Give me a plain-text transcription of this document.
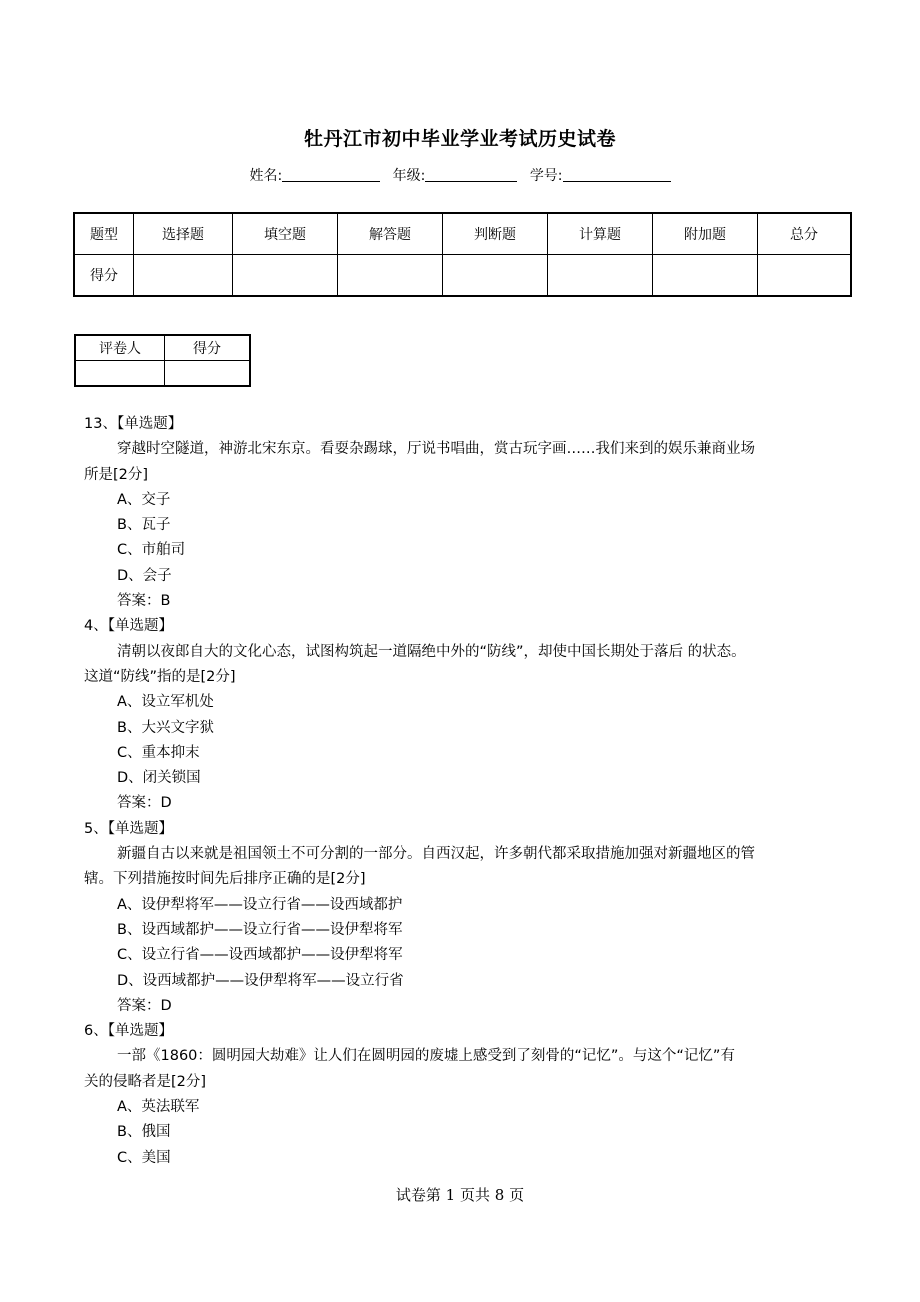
牡丹江市初中毕业学业考试历史试卷
姓名:	年级:	学号:
题型	选择题	填空题	解答题	判断题	计算题	附加题	总分
得分							
评卷人	得分

13、【单选题】
穿越时空隧道，神游北宋东京。看耍杂踢球，厅说书唱曲，赏古玩字画……我们来到的娱乐兼商业场
所是[2分]
A、交子
B、瓦子
C、市舶司
D、会子
答案：B
4、【单选题】
清朝以夜郎自大的文化心态，试图构筑起一道隔绝中外的“防线”，却使中国长期处于落后 的状态。
这道“防线”指的是[2分]
A、设立军机处
B、大兴文字狱
C、重本抑末
D、闭关锁国
答案：D
5、【单选题】
新疆自古以来就是祖国领土不可分割的一部分。自西汉起，许多朝代都采取措施加强对新疆地区的管
辖。下列措施按时间先后排序正确的是[2分]
A、设伊犁将军——设立行省——设西域都护
B、设西域都护——设立行省——设伊犁将军
C、设立行省——设西域都护——设伊犁将军
D、设西域都护——设伊犁将军——设立行省
答案：D
6、【单选题】
一部《1860：圆明园大劫难》让人们在圆明园的废墟上感受到了刻骨的“记忆”。与这个“记忆”有
关的侵略者是[2分]
A、英法联军
B、俄国
C、美国
试卷第 1 页共 8 页
